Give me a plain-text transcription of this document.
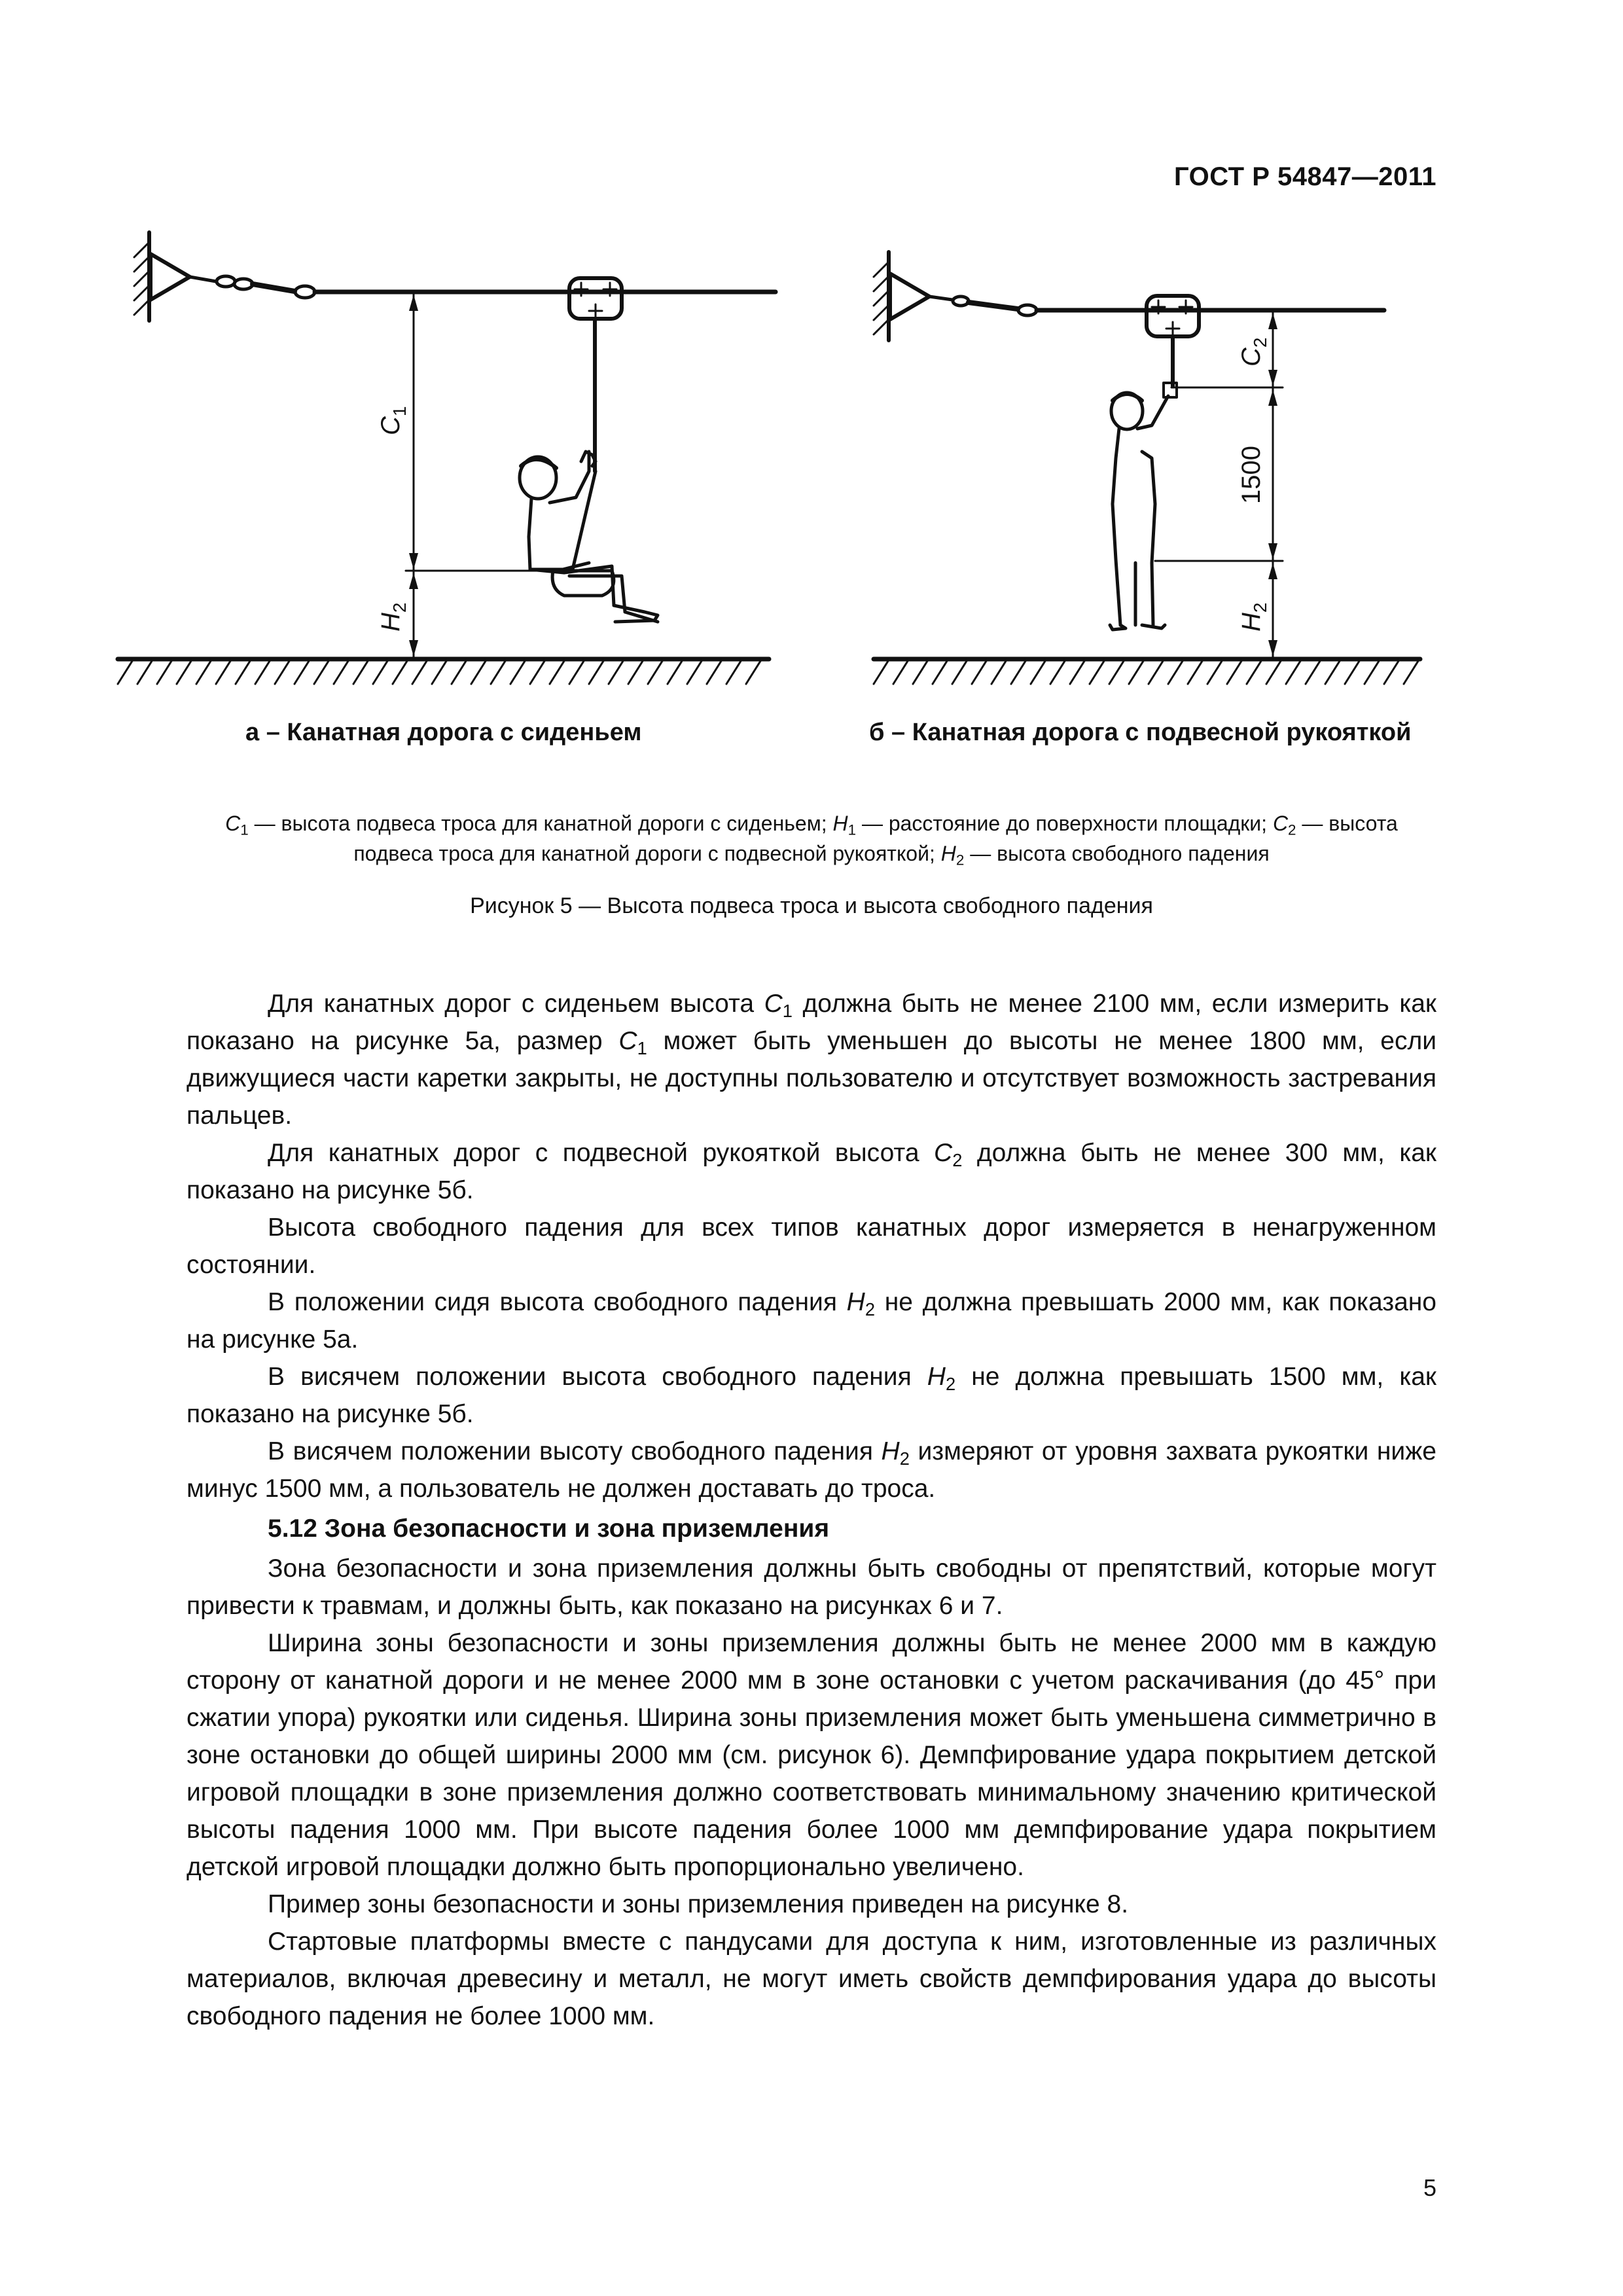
ГОСТ Р 54847—2011
$C_1$
$H_2$
$C_2$
1500
$H_2$
а – Канатная дорога с сиденьем	б – Канатная дорога с подвесной рукояткой
$C_1$ — высота подвеса троса для канатной дороги с сиденьем; $H_1$ — расстояние до поверхности площадки; $C_2$ — высота подвеса троса для канатной дороги с подвесной рукояткой; $H_2$ — высота свободного падения
Рисунок 5 — Высота подвеса троса и высота свободного падения

Для канатных дорог с сиденьем высота $C_1$ должна быть не менее 2100 мм, если измерить как показано на рисунке 5а, размер $C_1$ может быть уменьшен до высоты не менее 1800 мм, если движущиеся части каретки закрыты, не доступны пользователю и отсутствует возможность застревания пальцев.

Для канатных дорог с подвесной рукояткой высота $C_2$ должна быть не менее 300 мм, как показано на рисунке 5б.

Высота свободного падения для всех типов канатных дорог измеряется в ненагруженном состоянии.

В положении сидя высота свободного падения $H_2$ не должна превышать 2000 мм, как показано на рисунке 5а.

В висячем положении высота свободного падения $H_2$ не должна превышать 1500 мм, как показано на рисунке 5б.

В висячем положении высоту свободного падения $H_2$ измеряют от уровня захвата рукоятки ниже минус 1500 мм, а пользователь не должен доставать до троса.

5.12 Зона безопасности и зона приземления

Зона безопасности и зона приземления должны быть свободны от препятствий, которые могут привести к травмам, и должны быть, как показано на рисунках 6 и 7.

Ширина зоны безопасности и зоны приземления должны быть не менее 2000 мм в каждую сторону от канатной дороги и не менее 2000 мм в зоне остановки с учетом раскачивания (до 45° при сжатии упора) рукоятки или сиденья. Ширина зоны приземления может быть уменьшена симметрично в зоне остановки до общей ширины 2000 мм (см. рисунок 6). Демпфирование удара покрытием детской игровой площадки в зоне приземления должно соответствовать минимальному значению критической высоты падения 1000 мм. При высоте падения более 1000 мм демпфирование удара покрытием детской игровой площадки должно быть пропорционально увеличено.

Пример зоны безопасности и зоны приземления приведен на рисунке 8.

Стартовые платформы вместе с пандусами для доступа к ним, изготовленные из различных материалов, включая древесину и металл, не могут иметь свойств демпфирования удара до высоты свободного падения не более 1000 мм.

5
